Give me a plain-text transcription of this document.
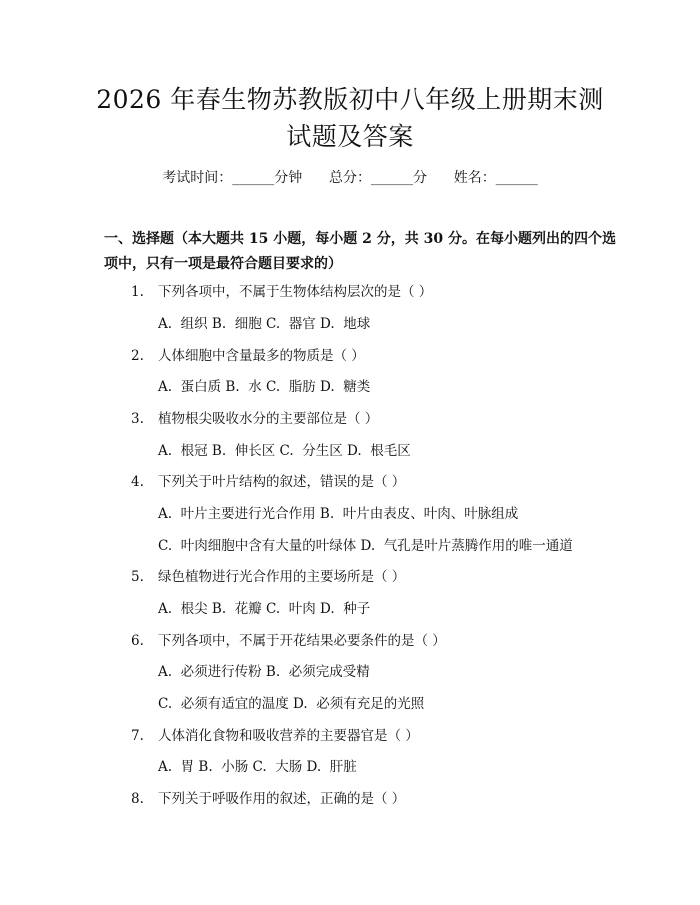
2026 年春生物苏教版初中八年级上册期末测
试题及答案
考试时间：______分钟      总分：______分      姓名：______
一、选择题（本大题共 15 小题，每小题 2 分，共 30 分。在每小题列出的四个选
项中，只有一项是最符合题目要求的）
1. 下列各项中，不属于生物体结构层次的是（ ）
A.  组织 B.  细胞 C.  器官 D.  地球
2. 人体细胞中含量最多的物质是（ ）
A.  蛋白质 B.  水 C.  脂肪 D.  糖类
3. 植物根尖吸收水分的主要部位是（ ）
A.  根冠 B.  伸长区 C.  分生区 D.  根毛区
4. 下列关于叶片结构的叙述，错误的是（ ）
A.  叶片主要进行光合作用 B.  叶片由表皮、叶肉、叶脉组成
C.  叶肉细胞中含有大量的叶绿体 D.  气孔是叶片蒸腾作用的唯一通道
5. 绿色植物进行光合作用的主要场所是（ ）
A.  根尖 B.  花瓣 C.  叶肉 D.  种子
6. 下列各项中，不属于开花结果必要条件的是（ ）
A.  必须进行传粉 B.  必须完成受精
C.  必须有适宜的温度 D.  必须有充足的光照
7. 人体消化食物和吸收营养的主要器官是（ ）
A.  胃 B.  小肠 C.  大肠 D.  肝脏
8. 下列关于呼吸作用的叙述，正确的是（ ）
